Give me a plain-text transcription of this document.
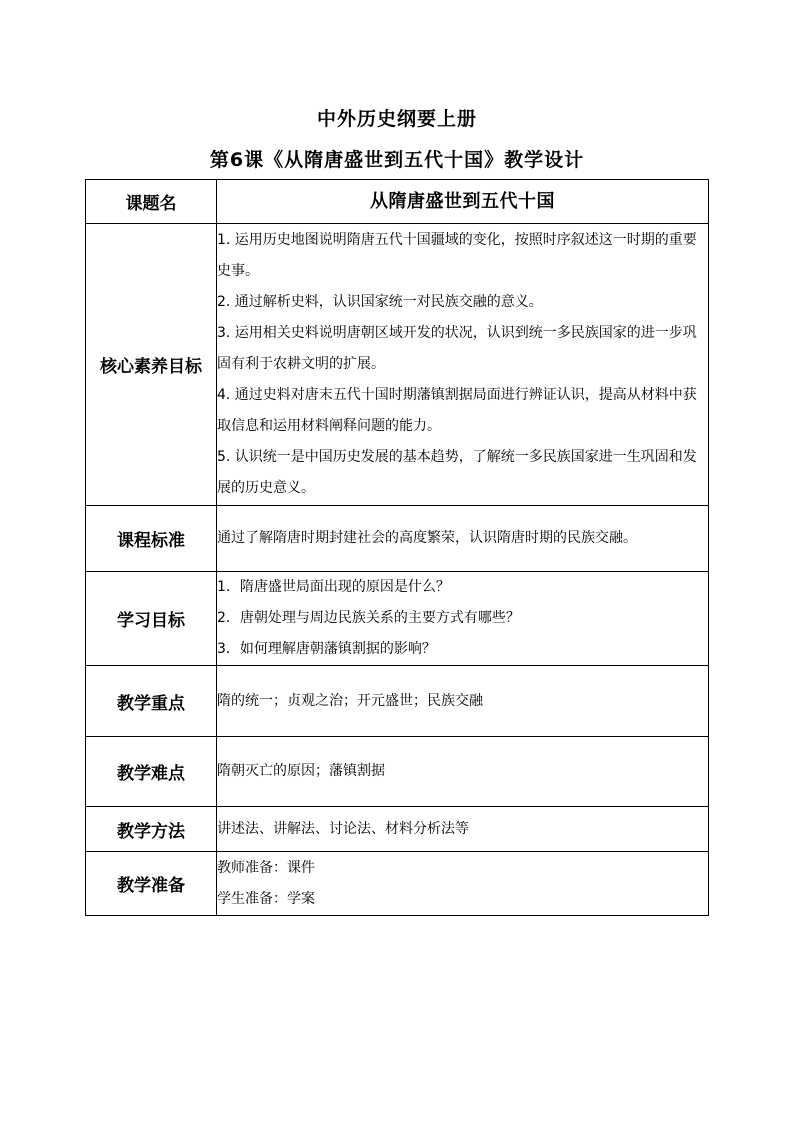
中外历史纲要上册
第6课《从隋唐盛世到五代十国》教学设计
课题名	从隋唐盛世到五代十国
核心素养目标	1. 运用历史地图说明隋唐五代十国疆域的变化，按照时序叙述这一时期的重要史事。
2. 通过解析史料，认识国家统一对民族交融的意义。
3. 运用相关史料说明唐朝区域开发的状况，认识到统一多民族国家的进一步巩固有利于农耕文明的扩展。
4. 通过史料对唐末五代十国时期藩镇割据局面进行辨证认识，提高从材料中获取信息和运用材料阐释问题的能力。
5. 认识统一是中国历史发展的基本趋势，了解统一多民族国家进一生巩固和发展的历史意义。

课程标准	通过了解隋唐时期封建社会的高度繁荣，认识隋唐时期的民族交融。
学习目标	1．隋唐盛世局面出现的原因是什么？
2．唐朝处理与周边民族关系的主要方式有哪些？
3．如何理解唐朝藩镇割据的影响？

教学重点	隋的统一；贞观之治；开元盛世；民族交融
教学难点	隋朝灭亡的原因；藩镇割据
教学方法	讲述法、讲解法、讨论法、材料分析法等
教学准备	教师准备：课件
学生准备：学案
